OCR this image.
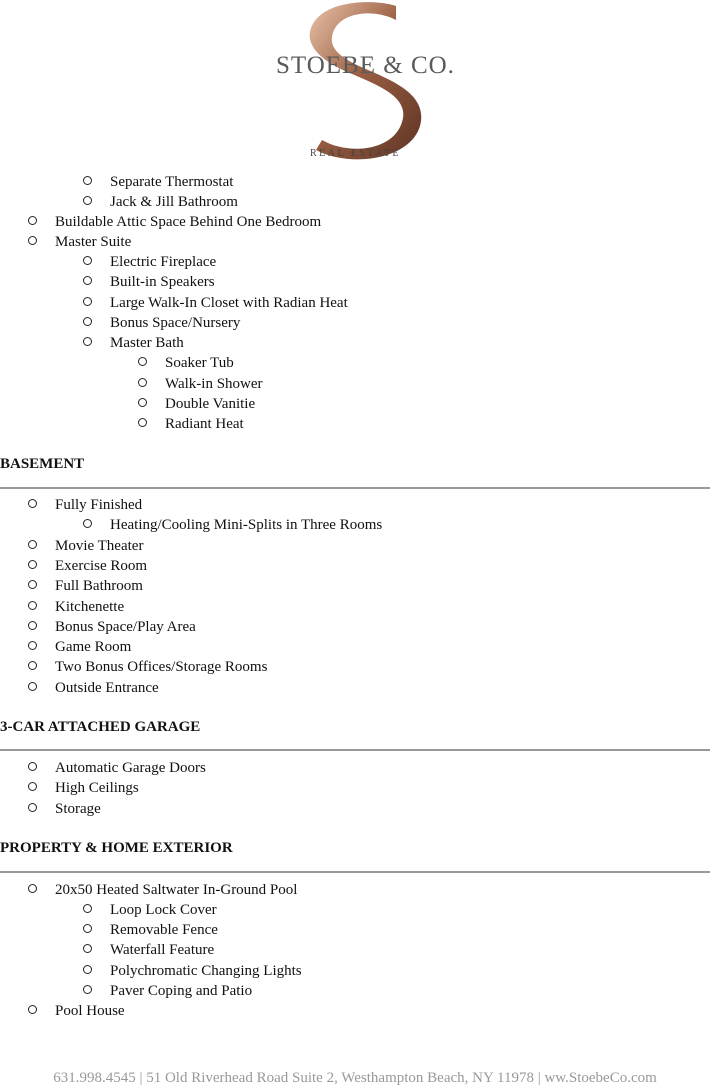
STOEBE & CO.
REAL ESTATE
Separate Thermostat
Jack & Jill Bathroom
Buildable Attic Space Behind One Bedroom
Master Suite
Electric Fireplace
Built-in Speakers
Large Walk-In Closet with Radian Heat
Bonus Space/Nursery
Master Bath
Soaker Tub
Walk-in Shower
Double Vanitie
Radiant Heat
BASEMENT
Fully Finished
Heating/Cooling Mini-Splits in Three Rooms
Movie Theater
Exercise Room
Full Bathroom
Kitchenette
Bonus Space/Play Area
Game Room
Two Bonus Offices/Storage Rooms
Outside Entrance
3-CAR ATTACHED GARAGE
Automatic Garage Doors
High Ceilings
Storage
PROPERTY & HOME EXTERIOR
20x50 Heated Saltwater In-Ground Pool
Loop Lock Cover
Removable Fence
Waterfall Feature
Polychromatic Changing Lights
Paver Coping and Patio
Pool House
631.998.4545 | 51 Old Riverhead Road Suite 2, Westhampton Beach, NY 11978 | ww.StoebeCo.com
